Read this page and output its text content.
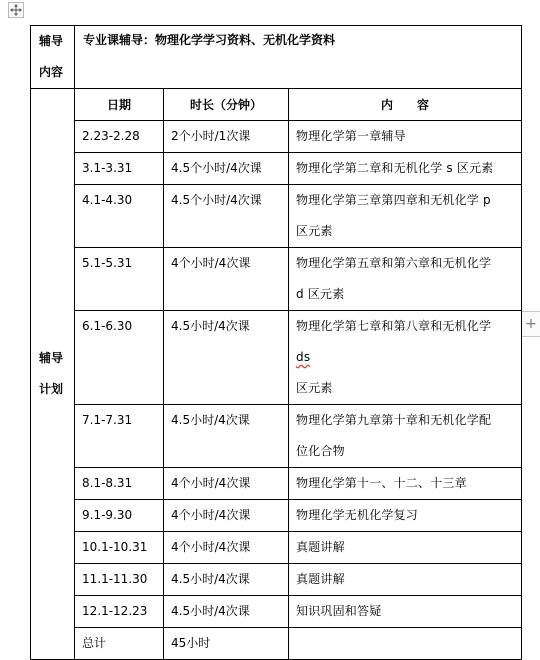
+
辅导
内容	专业课辅导：物理化学学习资料、无机化学资料		

辅导
计划	日期	时长（分钟）	内　　容

	2.23-2.28	2个小时/1次课	物理化学第一章辅导

	3.1-3.31	4.5个小时/4次课	物理化学第二章和无机化学 s 区元素

	4.1-4.30	4.5个小时/4次课	物理化学第三章第四章和无机化学 p
区元素

	5.1-5.31	4个小时/4次课	物理化学第五章和第六章和无机化学
d 区元素

	6.1-6.30	4.5小时/4次课	物理化学第七章和第八章和无机化学
ds
区元素

	7.1-7.31	4.5小时/4次课	物理化学第九章第十章和无机化学配
位化合物

	8.1-8.31	4个小时/4次课	物理化学第十一、十二、十三章

	9.1-9.30	4个小时/4次课	物理化学无机化学复习

	10.1-10.31	4个小时/4次课	真题讲解

	11.1-11.30	4.5小时/4次课	真题讲解

	12.1-12.23	4.5小时/4次课	知识巩固和答疑

	总计	45小时	
